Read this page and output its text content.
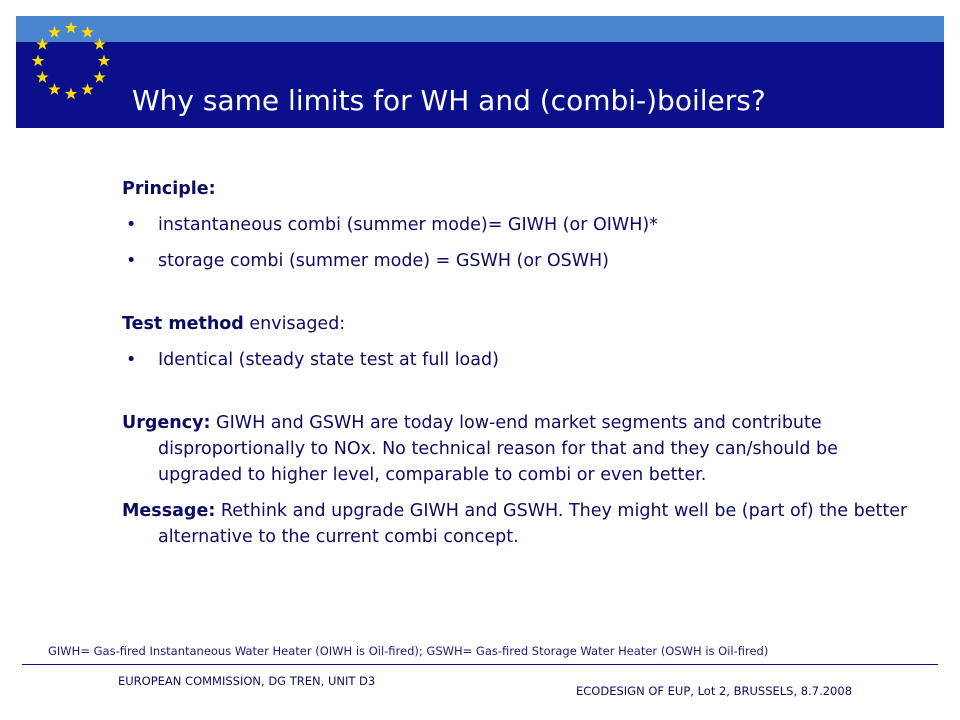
Why same limits for WH and (combi-)boilers?

Principle:

• instantaneous combi (summer mode)= GIWH (or OIWH)*

• storage combi (summer mode) = GSWH (or OSWH)

Test method envisaged:

• Identical (steady state test at full load)

Urgency: GIWH and GSWH are today low-end market segments and contribute disproportionally to NOx. No technical reason for that and they can/should be upgraded to higher level, comparable to combi or even better.

Message: Rethink and upgrade GIWH and GSWH. They might well be (part of) the better alternative to the current combi concept.

GIWH= Gas-fired Instantaneous Water Heater (OIWH is Oil-fired); GSWH= Gas-fired Storage Water Heater (OSWH is Oil-fired)

EUROPEAN COMMISSION, DG TREN, UNIT D3

ECODESIGN OF EUP, Lot 2, BRUSSELS, 8.7.2008
